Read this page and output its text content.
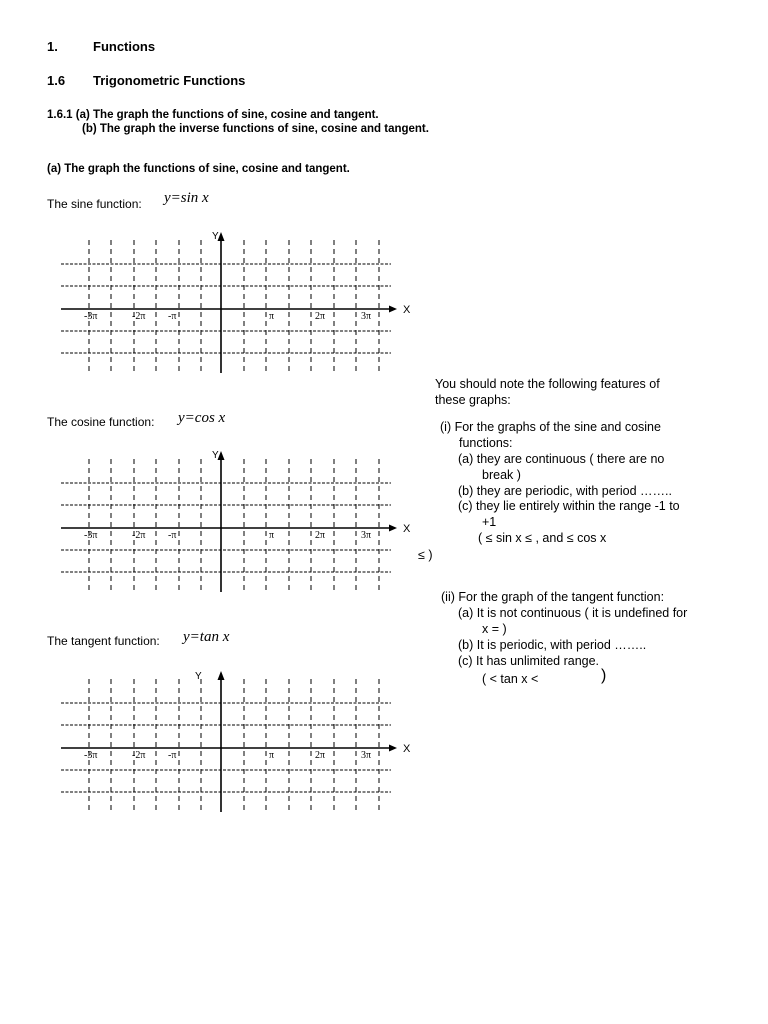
1.	Functions
1.6 Trigonometric Functions
1.6.1 (a) The graph the functions of sine, cosine and tangent.
(b) The graph the inverse functions of sine, cosine and tangent.
(a) The graph the functions of sine, cosine and tangent.
The sine function: y=sin x
X
Y
-3π	-2π -π	π	2π	3π
The cosine function: y=cos x
X
Y
-3π	-2π -π	π	2π	3π
The tangent function: y=tan x
X
Y
-3π	-2π -π	π	2π	3π
You should note the following features of
these graphs:
(i) For the graphs of the sine and cosine
functions:
(a) they are continuous ( there are no
break )
(b) they are periodic, with period ……..
(c) they lie entirely within the range -1 to
+1
( ≤ sin x ≤ , and ≤ cos x
≤ )
(ii) For the graph of the tangent function:
(a) It is not continuous ( it is undefined for
x = )
(b) It is periodic, with period ……..
(c) It has unlimited range.
( < tan x <	)
